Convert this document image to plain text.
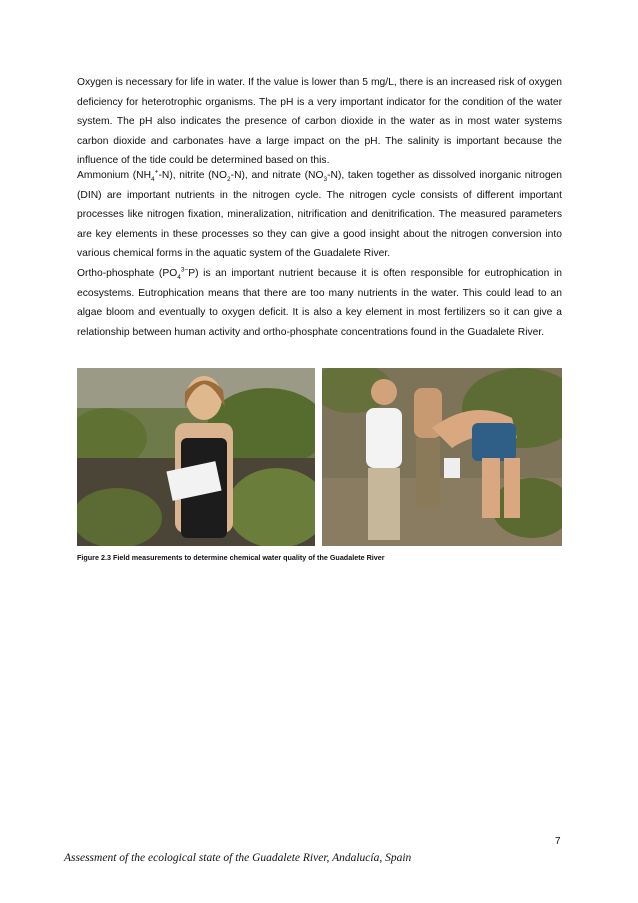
Oxygen is necessary for life in water. If the value is lower than 5 mg/L, there is an increased risk of oxygen deficiency for heterotrophic organisms. The pH is a very important indicator for the condition of the water system. The pH also indicates the presence of carbon dioxide in the water as in most water systems carbon dioxide and carbonates have a large impact on the pH. The salinity is important because the influence of the tide could be determined based on this.

Ammonium $(NH_4^+-N)$, nitrite $(NO_2-N)$, and nitrate $(NO_3-N)$, taken together as dissolved inorganic nitrogen (DIN) are important nutrients in the nitrogen cycle. The nitrogen cycle consists of different important processes like nitrogen fixation, mineralization, nitrification and denitrification. The measured parameters are key elements in these processes so they can give a good insight about the nitrogen conversion into various chemical forms in the aquatic system of the Guadalete River.

Ortho-phosphate $(PO_4^{3-}P)$ is an important nutrient because it is often responsible for eutrophication in ecosystems. Eutrophication means that there are too many nutrients in the water. This could lead to an algae bloom and eventually to oxygen deficit. It is also a key element in most fertilizers so it can give a relationship between human activity and ortho-phosphate concentrations found in the Guadalete River.

Figure 2.3 Field measurements to determine chemical water quality of the Guadalete River

7

Assessment of the ecological state of the Guadalete River, Andalucía, Spain
